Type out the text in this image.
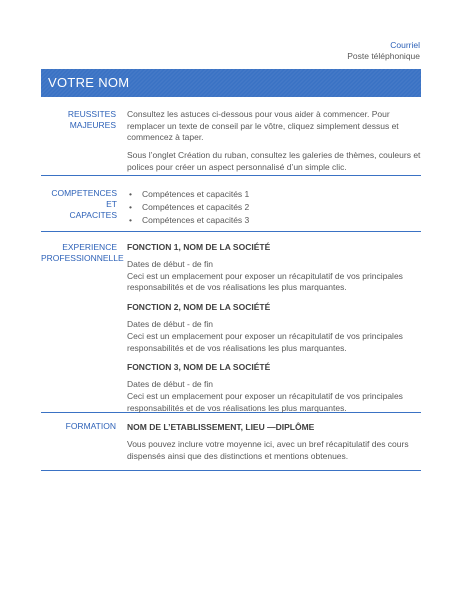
Courriel
Poste téléphonique
VOTRE NOM
REUSSITES MAJEURES

Consultez les astuces ci-dessous pour vous aider à commencer. Pour remplacer un texte de conseil par le vôtre, cliquez simplement dessus et commencez à taper.

Sous l’onglet Création du ruban, consultez les galeries de thèmes, couleurs et polices pour créer un aspect personnalisé d’un simple clic.

COMPETENCES ET
CAPACITES
• Compétences et capacités 1
• Compétences et capacités 2
• Compétences et capacités 3
EXPERIENCE
PROFESSIONNELLE
FONCTION 1, NOM DE LA SOCIÉTÉ
Dates de début - de fin
Ceci est un emplacement pour exposer un récapitulatif de vos principales responsabilités et de vos réalisations les plus marquantes.
FONCTION 2, NOM DE LA SOCIÉTÉ
Dates de début - de fin
Ceci est un emplacement pour exposer un récapitulatif de vos principales responsabilités et de vos réalisations les plus marquantes.
FONCTION 3, NOM DE LA SOCIÉTÉ
Dates de début - de fin
Ceci est un emplacement pour exposer un récapitulatif de vos principales responsabilités et de vos réalisations les plus marquantes.
FORMATION NOM DE L’ETABLISSEMENT, LIEU —DIPLÔME
Vous pouvez inclure votre moyenne ici, avec un bref récapitulatif des cours dispensés ainsi que des distinctions et mentions obtenues.
